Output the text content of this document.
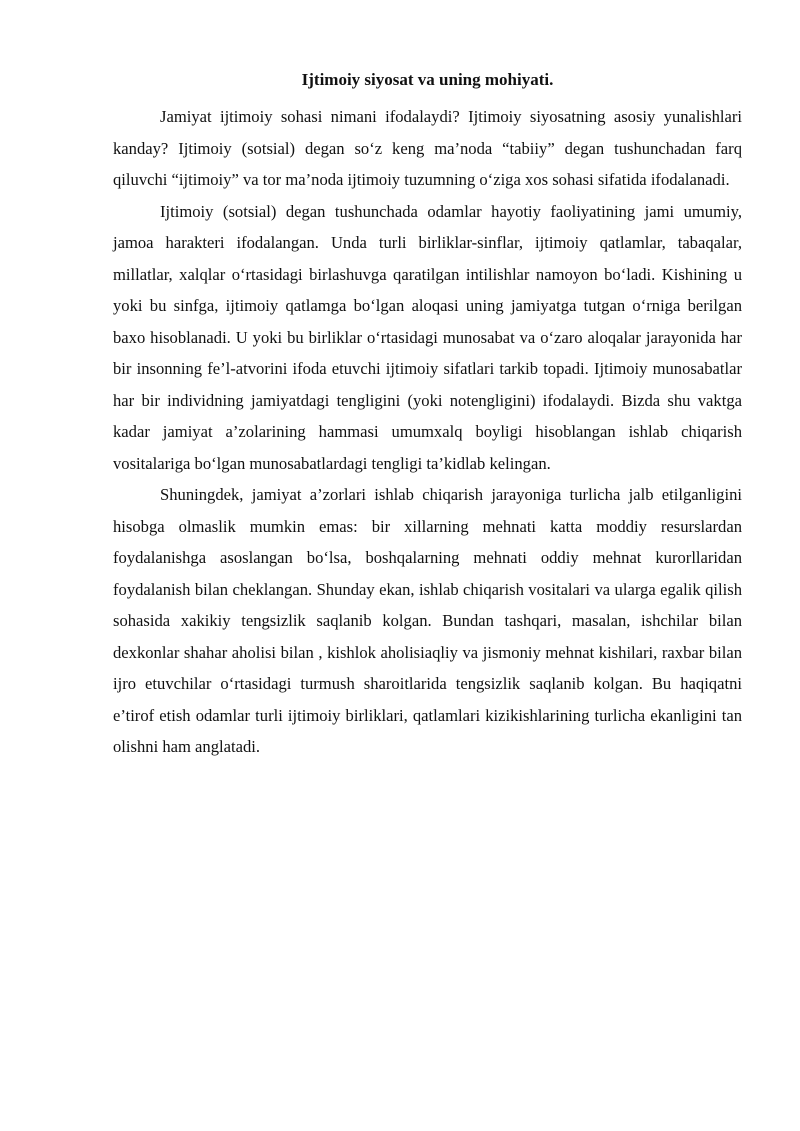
Ijtimoiy siyosat va uning mohiyati.

Jamiyat ijtimoiy sohasi nimani ifodalaydi? Ijtimoiy siyosatning asosiy yunalishlari kanday? Ijtimoiy (sotsial) degan so‘z keng ma’noda “tabiiy” degan tushunchadan farq qiluvchi “ijtimoiy” va tor ma’noda ijtimoiy tuzumning o‘ziga xos sohasi sifatida ifodalanadi.

Ijtimoiy (sotsial) degan tushunchada odamlar hayotiy faoliyatining jami umumiy, jamoa harakteri ifodalangan. Unda turli birliklar-sinflar, ijtimoiy qatlamlar, tabaqalar, millatlar, xalqlar o‘rtasidagi birlashuvga qaratilgan intilishlar namoyon bo‘ladi. Kishining u yoki bu sinfga, ijtimoiy qatlamga bo‘lgan aloqasi uning jamiyatga tutgan o‘rniga berilgan baxo hisoblanadi. U yoki bu birliklar o‘rtasidagi munosabat va o‘zaro aloqalar jarayonida har bir insonning fe’l-atvorini ifoda etuvchi ijtimoiy sifatlari tarkib topadi. Ijtimoiy munosabatlar har bir individning jamiyatdagi tengligini (yoki notengligini) ifodalaydi. Bizda shu vaktga kadar jamiyat a’zolarining hammasi umumxalq boyligi hisoblangan ishlab chiqarish vositalariga bo‘lgan munosabatlardagi tengligi ta’kidlab kelingan.

Shuningdek, jamiyat a’zorlari ishlab chiqarish jarayoniga turlicha jalb etilganligini hisobga olmaslik mumkin emas: bir xillarning mehnati katta moddiy resurslardan foydalanishga asoslangan bo‘lsa, boshqalarning mehnati oddiy mehnat kurorllaridan foydalanish bilan cheklangan. Shunday ekan, ishlab chiqarish vositalari va ularga egalik qilish sohasida xakikiy tengsizlik saqlanib kolgan. Bundan tashqari, masalan, ishchilar bilan dexkonlar shahar aholisi bilan , kishlok aholisiaqliy va jismoniy mehnat kishilari, raxbar bilan ijro etuvchilar o‘rtasidagi turmush sharoitlarida tengsizlik saqlanib kolgan. Bu haqiqatni e’tirof etish odamlar turli ijtimoiy birliklari, qatlamlari kizikishlarining turlicha ekanligini tan olishni ham anglatadi.
